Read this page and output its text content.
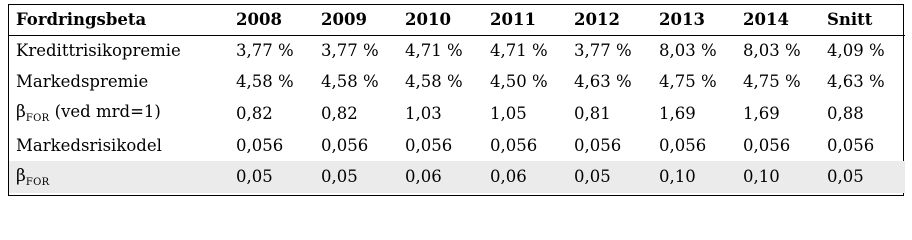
Fordringsbeta	2008	2009	2010	2011	2012	2013	2014	Snitt
Kredittrisikopremie	3,77 %	3,77 %	4,71 %	4,71 %	3,77 %	8,03 %	8,03 %	4,09 %
Markedspremie	4,58 %	4,58 %	4,58 %	4,50 %	4,63 %	4,75 %	4,75 %	4,63 %
$\beta_{FOR}$ (ved mrd=1)	0,82	0,82	1,03	1,05	0,81	1,69	1,69	0,88
Markedsrisikodel	0,056	0,056	0,056	0,056	0,056	0,056	0,056	0,056
$\beta_{FOR}$	0,05	0,05	0,06	0,06	0,05	0,10	0,10	0,05
